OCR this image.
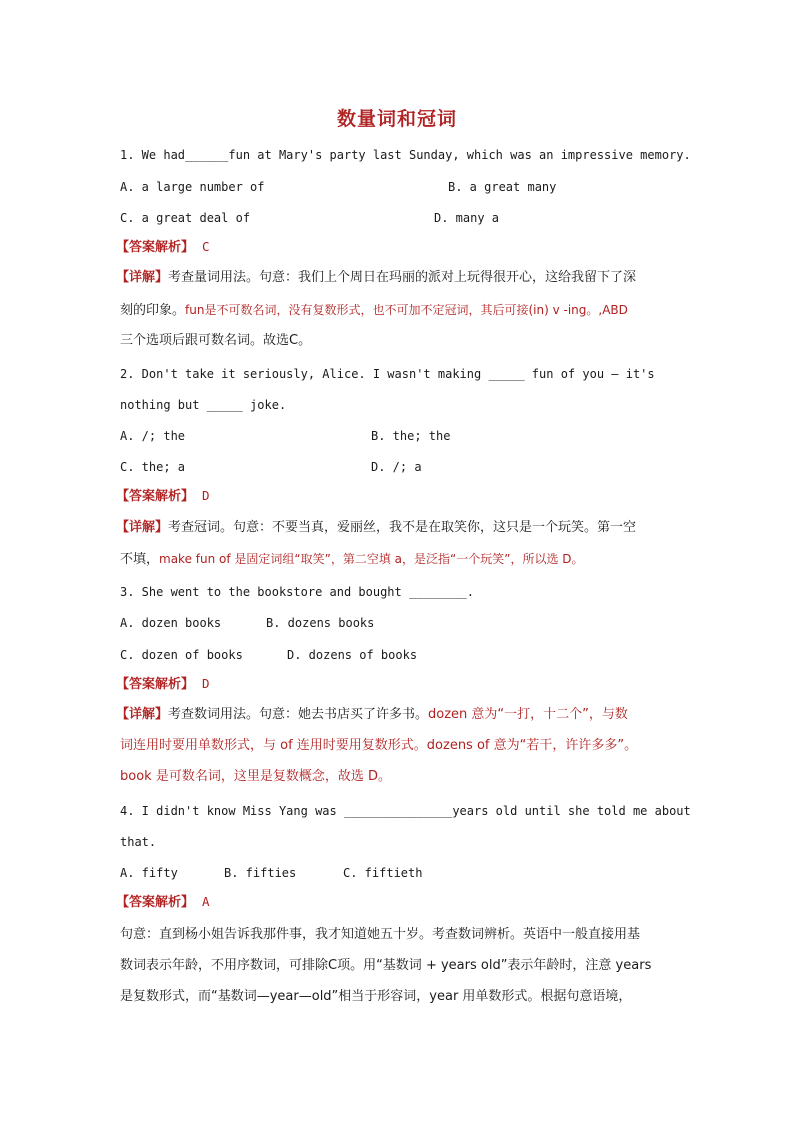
数量词和冠词
1. We had______fun at Mary's party last Sunday, which was an impressive memory.
A. a large number of	B. a great many
C. a great deal of	D. many a
【答案解析】 C
【详解】考查量词用法。句意：我们上个周日在玛丽的派对上玩得很开心，这给我留下了深
刻的印象。fun是不可数名词，没有复数形式，也不可加不定冠词，其后可接(in) v -ing。,ABD
三个选项后跟可数名词。故选C。
2. Don't take it seriously, Alice. I wasn't making _____ fun of you — it's
nothing but _____ joke.
A. /; the	B. the; the
C. the; a	D. /; a
【答案解析】 D
【详解】考查冠词。句意：不要当真，爱丽丝，我不是在取笑你，这只是一个玩笑。第一空
不填，make fun of 是固定词组“取笑”，第二空填 a，是泛指“一个玩笑”，所以选 D。
3. She went to the bookstore and bought ________.
A. dozen books	B. dozens books
C. dozen of books	D. dozens of books
【答案解析】 D
【详解】考查数词用法。句意：她去书店买了许多书。dozen 意为“一打，十二个”，与数
词连用时要用单数形式，与 of 连用时要用复数形式。dozens of 意为“若干，许许多多”。
book 是可数名词，这里是复数概念，故选 D。
4. I didn't know Miss Yang was _______________years old until she told me about
that.
A. fifty	B. fifties	C. fiftieth
【答案解析】 A
句意：直到杨小姐告诉我那件事，我才知道她五十岁。考查数词辨析。英语中一般直接用基
数词表示年龄，不用序数词，可排除C项。用“基数词 + years old”表示年龄时，注意 years
是复数形式，而“基数词—year—old”相当于形容词，year 用单数形式。根据句意语境，
